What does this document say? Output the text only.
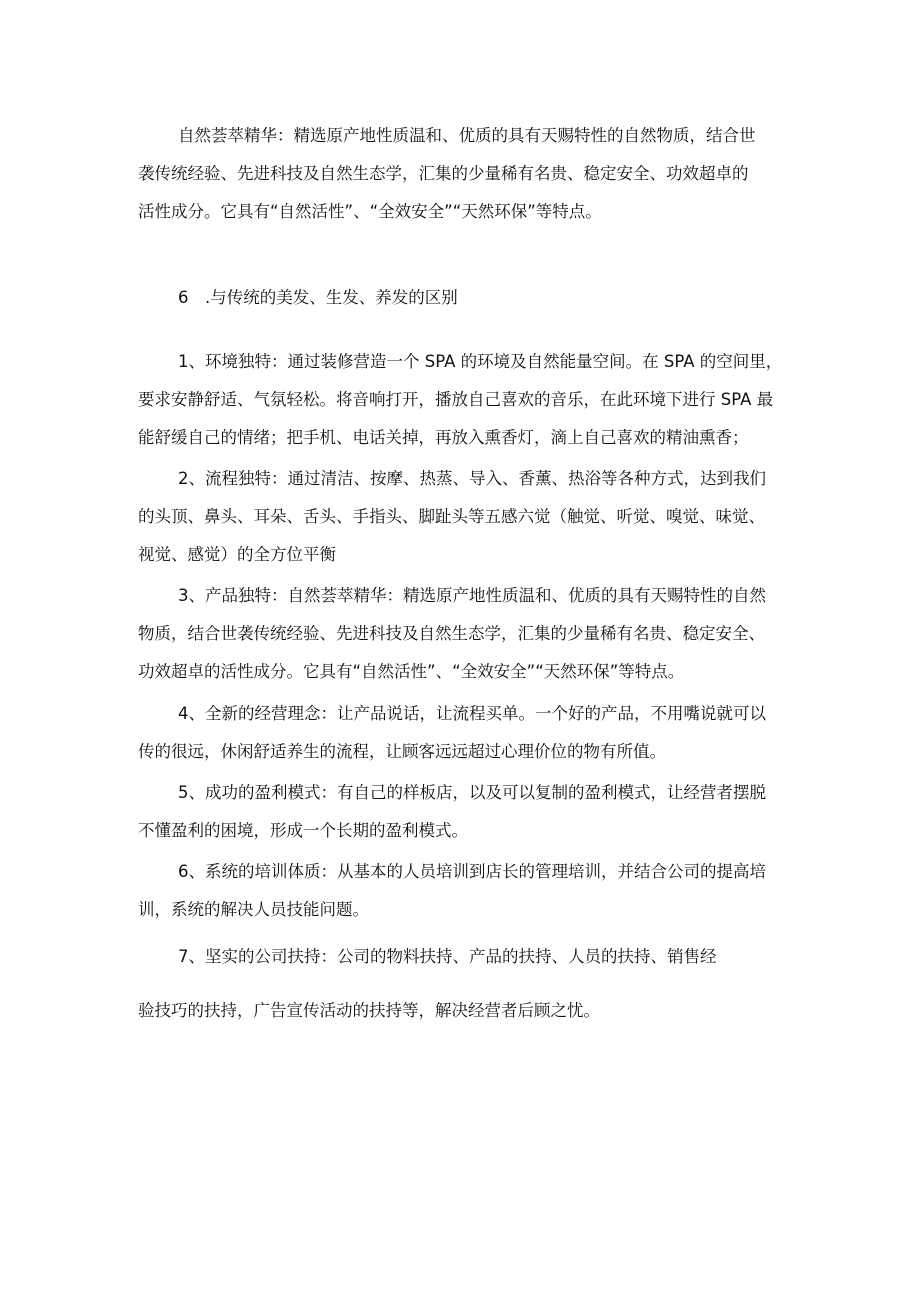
自然荟萃精华：精选原产地性质温和、优质的具有天赐特性的自然物质，结合世
袭传统经验、先进科技及自然生态学，汇集的少量稀有名贵、稳定安全、功效超卓的
活性成分。它具有“自然活性”、“全效安全”“天然环保”等特点。
6　.与传统的美发、生发、养发的区别
1、环境独特：通过装修营造一个 SPA 的环境及自然能量空间。在 SPA 的空间里，
要求安静舒适、气氛轻松。将音响打开，播放自己喜欢的音乐，在此环境下进行 SPA 最
能舒缓自己的情绪；把手机、电话关掉，再放入熏香灯，滴上自己喜欢的精油熏香；
2、流程独特：通过清洁、按摩、热蒸、导入、香薰、热浴等各种方式，达到我们
的头顶、鼻头、耳朵、舌头、手指头、脚趾头等五感六觉（触觉、听觉、嗅觉、味觉、
视觉、感觉）的全方位平衡
3、产品独特：自然荟萃精华：精选原产地性质温和、优质的具有天赐特性的自然
物质，结合世袭传统经验、先进科技及自然生态学，汇集的少量稀有名贵、稳定安全、
功效超卓的活性成分。它具有“自然活性”、“全效安全”“天然环保”等特点。
4、全新的经营理念：让产品说话，让流程买单。一个好的产品，不用嘴说就可以
传的很远，休闲舒适养生的流程，让顾客远远超过心理价位的物有所值。
5、成功的盈利模式：有自己的样板店，以及可以复制的盈利模式，让经营者摆脱
不懂盈利的困境，形成一个长期的盈利模式。
6、系统的培训体质：从基本的人员培训到店长的管理培训，并结合公司的提高培
训，系统的解决人员技能问题。
7、坚实的公司扶持：公司的物料扶持、产品的扶持、人员的扶持、销售经
验技巧的扶持，广告宣传活动的扶持等，解决经营者后顾之忧。
